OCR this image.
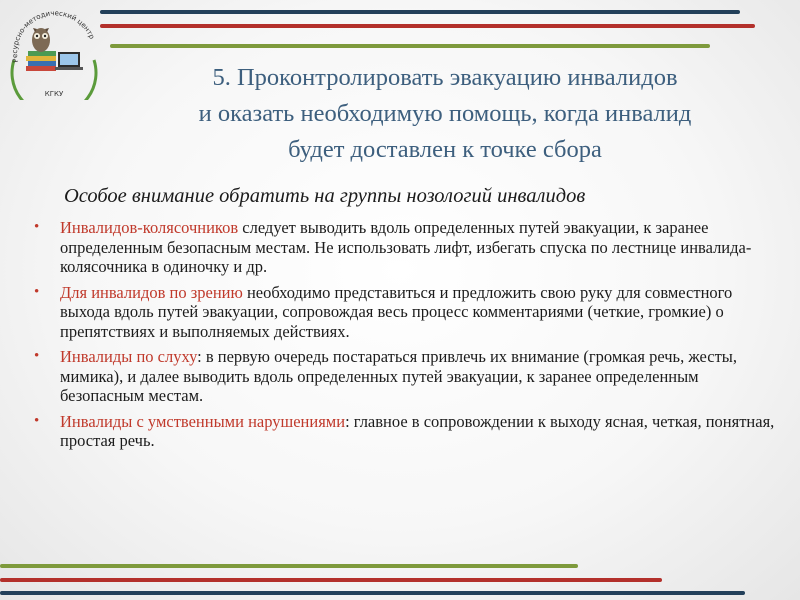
Ресурсно-методический центр
КГКУ
5. Проконтролировать эвакуацию инвалидов
и оказать необходимую помощь, когда инвалид
будет доставлен к точке сбора
Особое внимание обратить на группы нозологий инвалидов
• Инвалидов-колясочников следует выводить вдоль определенных путей эвакуации, к заранее определенным безопасным местам. Не использовать лифт, избегать спуска по лестнице инвалида-колясочника в одиночку и др.
• Для инвалидов по зрению необходимо представиться и предложить свою руку для совместного выхода вдоль путей эвакуации, сопровождая весь процесс комментариями (четкие, громкие) о препятствиях и выполняемых действиях.
• Инвалиды по слуху: в первую очередь постараться привлечь их внимание (громкая речь, жесты, мимика), и далее выводить вдоль определенных путей эвакуации, к заранее определенным безопасным местам.
• Инвалиды с умственными нарушениями: главное в сопровождении к выходу ясная, четкая, понятная, простая речь.
